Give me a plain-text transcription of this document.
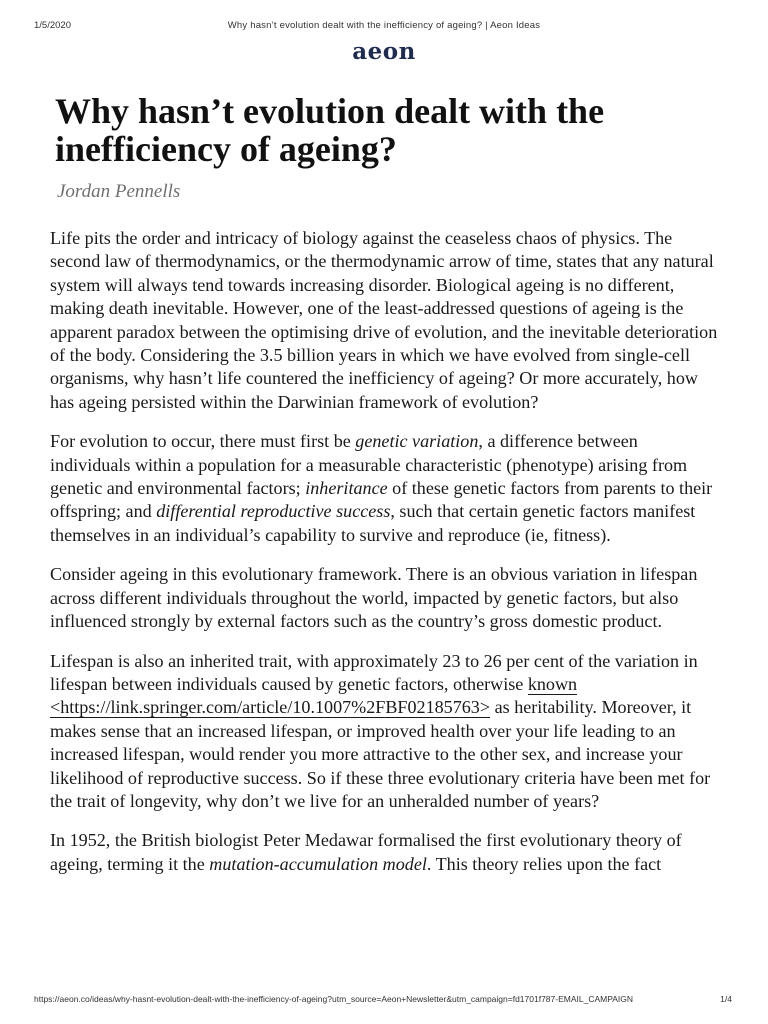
1/5/2020	Why hasn’t evolution dealt with the inefficiency of ageing? | Aeon Ideas
aeon
Why hasn’t evolution dealt with the inefficiency of ageing?
Jordan Pennells

Life pits the order and intricacy of biology against the ceaseless chaos of physics. The second law of thermodynamics, or the thermodynamic arrow of time, states that any natural system will always tend towards increasing disorder. Biological ageing is no different, making death inevitable. However, one of the least-addressed questions of ageing is the apparent paradox between the optimising drive of evolution, and the inevitable deterioration of the body. Considering the 3.5 billion years in which we have evolved from single-cell organisms, why hasn’t life countered the inefficiency of ageing? Or more accurately, how has ageing persisted within the Darwinian framework of evolution?

For evolution to occur, there must first be genetic variation, a difference between individuals within a population for a measurable characteristic (phenotype) arising from genetic and environmental factors; inheritance of these genetic factors from parents to their offspring; and differential reproductive success, such that certain genetic factors manifest themselves in an individual’s capability to survive and reproduce (ie, fitness).

Consider ageing in this evolutionary framework. There is an obvious variation in lifespan across different individuals throughout the world, impacted by genetic factors, but also influenced strongly by external factors such as the country’s gross domestic product.

Lifespan is also an inherited trait, with approximately 23 to 26 per cent of the variation in lifespan between individuals caused by genetic factors, otherwise known <https://link.springer.com/article/10.1007%2FBF02185763> as heritability. Moreover, it makes sense that an increased lifespan, or improved health over your life leading to an increased lifespan, would render you more attractive to the other sex, and increase your likelihood of reproductive success. So if these three evolutionary criteria have been met for the trait of longevity, why don’t we live for an unheralded number of years?

In 1952, the British biologist Peter Medawar formalised the first evolutionary theory of ageing, terming it the mutation-accumulation model. This theory relies upon the fact

https://aeon.co/ideas/why-hasnt-evolution-dealt-with-the-inefficiency-of-ageing?utm_source=Aeon+Newsletter&utm_campaign=fd1701f787-EMAIL_CAMPAIGN	1/4
